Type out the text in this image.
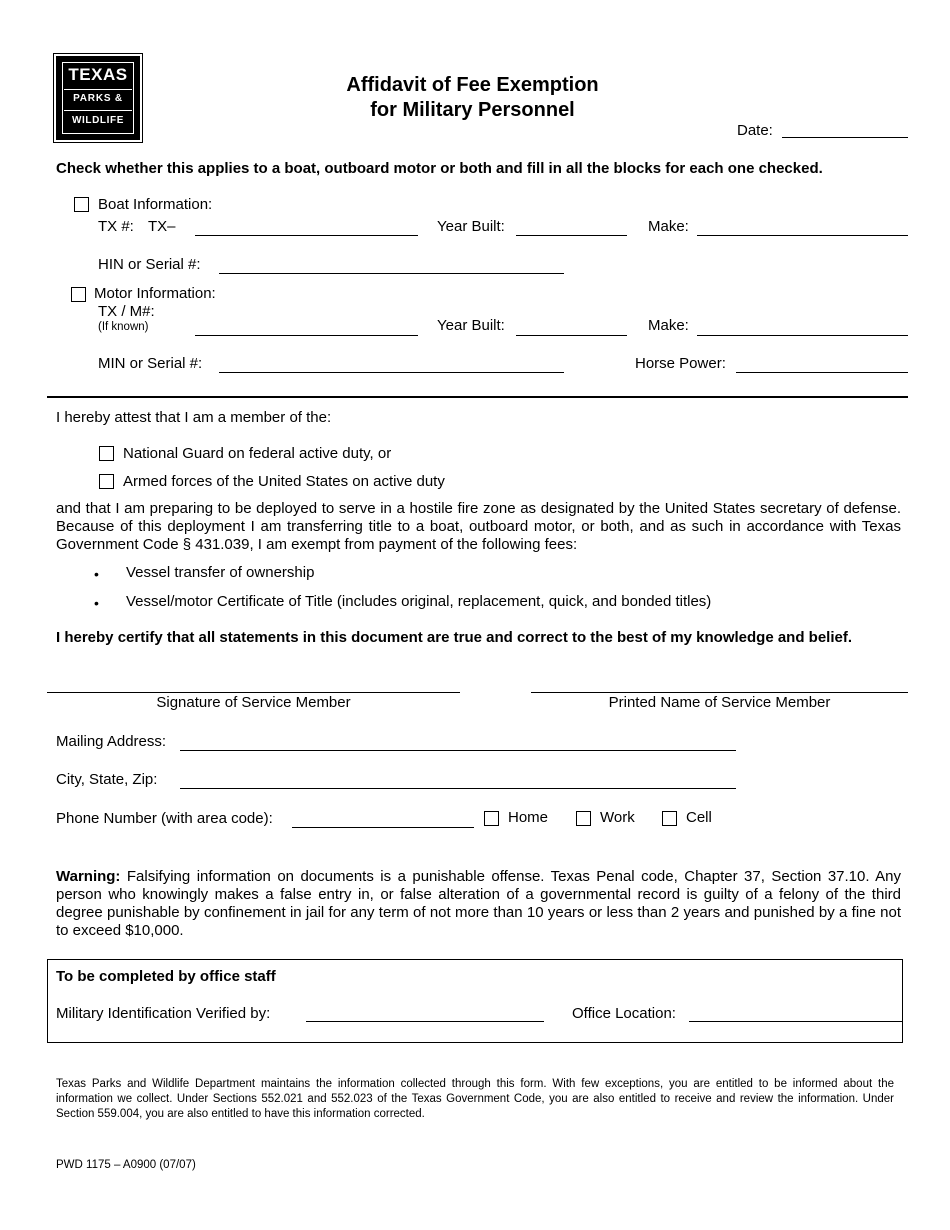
TEXAS
PARKS &
WILDLIFE
Affidavit of Fee Exemption
for Military Personnel
Date:
Check whether this applies to a boat, outboard motor or both and fill in all the blocks for each one checked.
Boat Information:
TX #: TX–	Year Built:	Make:
HIN or Serial #:
Motor Information:
TX / M#:
(If known)	Year Built:	Make:
MIN or Serial #:	Horse Power:
I hereby attest that I am a member of the:
National Guard on federal active duty, or
Armed forces of the United States on active duty
and that I am preparing to be deployed to serve in a hostile fire zone as designated by the United States secretary of defense. Because of this deployment I am transferring title to a boat, outboard motor, or both, and as such in accordance with Texas Government Code § 431.039, I am exempt from payment of the following fees:
• Vessel transfer of ownership
• Vessel/motor Certificate of Title (includes original, replacement, quick, and bonded titles)
I hereby certify that all statements in this document are true and correct to the best of my knowledge and belief.
Signature of Service Member	Printed Name of Service Member
Mailing Address:
City, State, Zip:
Phone Number (with area code):	Home	Work	Cell
Warning: Falsifying information on documents is a punishable offense. Texas Penal code, Chapter 37, Section 37.10. Any person who knowingly makes a false entry in, or false alteration of a governmental record is guilty of a felony of the third degree punishable by confinement in jail for any term of not more than 10 years or less than 2 years and punished by a fine not to exceed $10,000.
To be completed by office staff
Military Identification Verified by:	Office Location:
Texas Parks and Wildlife Department maintains the information collected through this form. With few exceptions, you are entitled to be informed about the information we collect. Under Sections 552.021 and 552.023 of the Texas Government Code, you are also entitled to receive and review the information. Under Section 559.004, you are also entitled to have this information corrected.
PWD 1175 – A0900 (07/07)
